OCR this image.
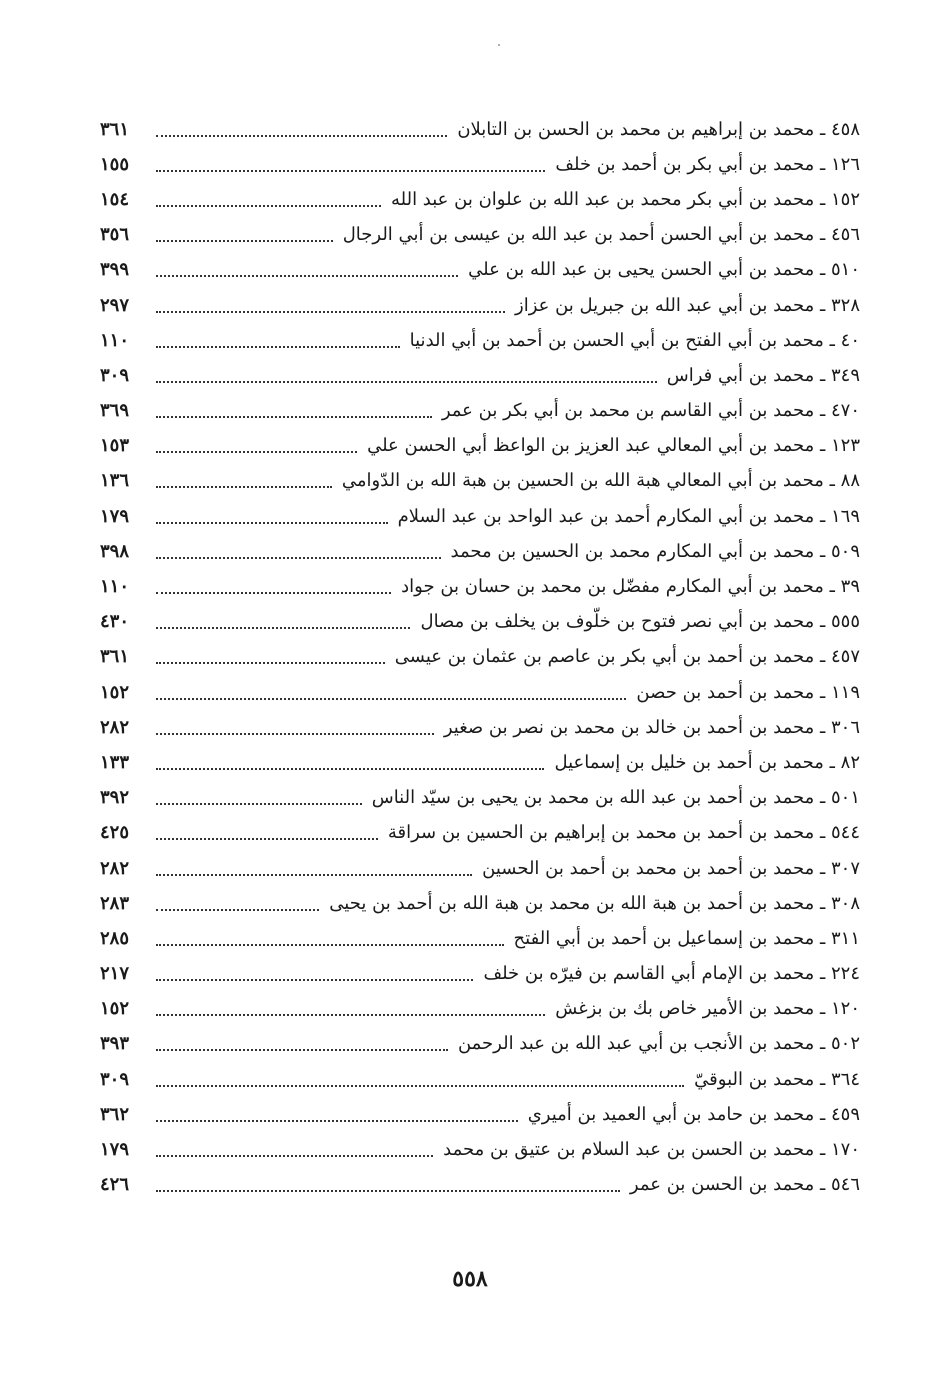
٤٥٨ ـ محمد بن إبراهيم بن محمد بن الحسن بن التابلان
٣٦١
١٢٦ ـ محمد بن أبي بكر بن أحمد بن خلف
١٥٥
١٥٢ ـ محمد بن أبي بكر محمد بن عبد الله بن علوان بن عبد الله
١٥٤
٤٥٦ ـ محمد بن أبي الحسن أحمد بن عبد الله بن عيسى بن أبي الرجال
٣٥٦
٥١٠ ـ محمد بن أبي الحسن يحيى بن عبد الله بن علي
٣٩٩
٣٢٨ ـ محمد بن أبي عبد الله بن جبريل بن عزاز
٢٩٧
٤٠ ـ محمد بن أبي الفتح بن أبي الحسن بن أحمد بن أبي الدنيا
١١٠
٣٤٩ ـ محمد بن أبي فراس
٣٠٩
٤٧٠ ـ محمد بن أبي القاسم بن محمد بن أبي بكر بن عمر
٣٦٩
١٢٣ ـ محمد بن أبي المعالي عبد العزيز بن الواعظ أبي الحسن علي
١٥٣
٨٨ ـ محمد بن أبي المعالي هبة الله بن الحسين بن هبة الله بن الدّوامي
١٣٦
١٦٩ ـ محمد بن أبي المكارم أحمد بن عبد الواحد بن عبد السلام
١٧٩
٥٠٩ ـ محمد بن أبي المكارم محمد بن الحسين بن محمد
٣٩٨
٣٩ ـ محمد بن أبي المكارم مفضّل بن محمد بن حسان بن جواد
١١٠
٥٥٥ ـ محمد بن أبي نصر فتوح بن خلّوف بن يخلف بن مصال
٤٣٠
٤٥٧ ـ محمد بن أحمد بن أبي بكر بن عاصم بن عثمان بن عيسى
٣٦١
١١٩ ـ محمد بن أحمد بن حصن
١٥٢
٣٠٦ ـ محمد بن أحمد بن خالد بن محمد بن نصر بن صغير
٢٨٢
٨٢ ـ محمد بن أحمد بن خليل بن إسماعيل
١٣٣
٥٠١ ـ محمد بن أحمد بن عبد الله بن محمد بن يحيى بن سيّد الناس
٣٩٢
٥٤٤ ـ محمد بن أحمد بن محمد بن إبراهيم بن الحسين بن سراقة
٤٢٥
٣٠٧ ـ محمد بن أحمد بن محمد بن أحمد بن الحسين
٢٨٢
٣٠٨ ـ محمد بن أحمد بن هبة الله بن محمد بن هبة الله بن أحمد بن يحيى
٢٨٣
٣١١ ـ محمد بن إسماعيل بن أحمد بن أبي الفتح
٢٨٥
٢٢٤ ـ محمد بن الإمام أبي القاسم بن فيرّه بن خلف
٢١٧
١٢٠ ـ محمد بن الأمير خاص بك بن بزغش
١٥٢
٥٠٢ ـ محمد بن الأنجب بن أبي عبد الله بن عبد الرحمن
٣٩٣
٣٦٤ ـ محمد بن البوقيّ
٣٠٩
٤٥٩ ـ محمد بن حامد بن أبي العميد بن أميري
٣٦٢
١٧٠ ـ محمد بن الحسن بن عبد السلام بن عتيق بن محمد
١٧٩
٥٤٦ ـ محمد بن الحسن بن عمر
٤٢٦
٥٥٨
